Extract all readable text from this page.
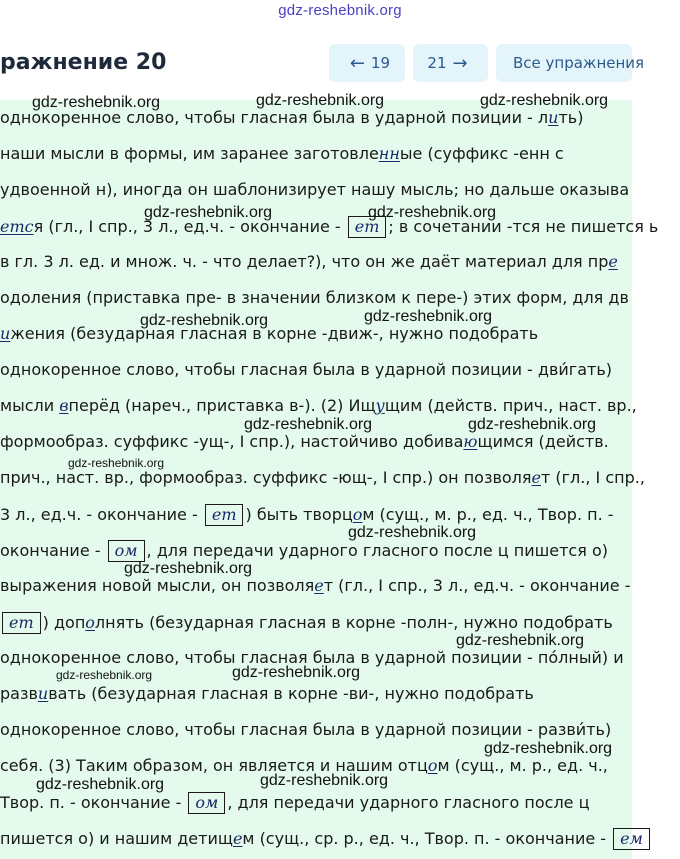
gdz-reshebnik.org
ражнение 20	← 19 21 →	Все упражнения
однокоренное слово, чтобы гласная была в ударной позиции - лить)
наши мысли в формы, им заранее заготовленные (суффикс -енн с
удвоенной н), иногда он шаблонизирует нашу мысль; но дальше оказыва
ется (гл., I спр., 3 л., ед.ч. - окончание - ет ; в сочетании -тся не пишется ь
в гл. 3 л. ед. и множ. ч. - что делает?), что он же даёт материал для пре
одоления (приставка пре- в значении близком к пере-) этих форм, для дв
ижения (безударная гласная в корне -движ-, нужно подобрать
однокоренное слово, чтобы гласная была в ударной позиции - дви́гать)
мысли вперёд (нареч., приставка в-). (2) Ищущим (действ. прич., наст. вр.,
формообраз. суффикс -ущ-, I спр.), настойчиво добивающимся (действ.
прич., наст. вр., формообраз. суффикс -ющ-, I спр.) он позволяет (гл., I спр.,
3 л., ед.ч. - окончание - ет ) быть творцом (сущ., м. р., ед. ч., Твор. п. -
окончание - ом , для передачи ударного гласного после ц пишется о)
выражения новой мысли, он позволяет (гл., I спр., 3 л., ед.ч. - окончание -
ет ) дополнять (безударная гласная в корне -полн-, нужно подобрать
однокоренное слово, чтобы гласная была в ударной позиции - по́лный) и
развивать (безударная гласная в корне -ви-, нужно подобрать
однокоренное слово, чтобы гласная была в ударной позиции - разви́ть)
себя. (3) Таким образом, он является и нашим отцом (сущ., м. р., ед. ч.,
Твор. п. - окончание - ом , для передачи ударного гласного после ц
пишется о) и нашим детищем (сущ., ср. р., ед. ч., Твор. п. - окончание - ем
gdz-reshebnik.org	gdz-reshebnik.org	gdz-reshebnik.org
gdz-reshebnik.org	gdz-reshebnik.org
gdz-reshebnik.org	gdz-reshebnik.org
gdz-reshebnik.org	gdz-reshebnik.org
gdz-reshebnik.org
gdz-reshebnik.org
gdz-reshebnik.org
gdz-reshebnik.org
gdz-reshebnik.org
gdz-reshebnik.org
gdz-reshebnik.org
gdz-reshebnik.org	gdz-reshebnik.org
